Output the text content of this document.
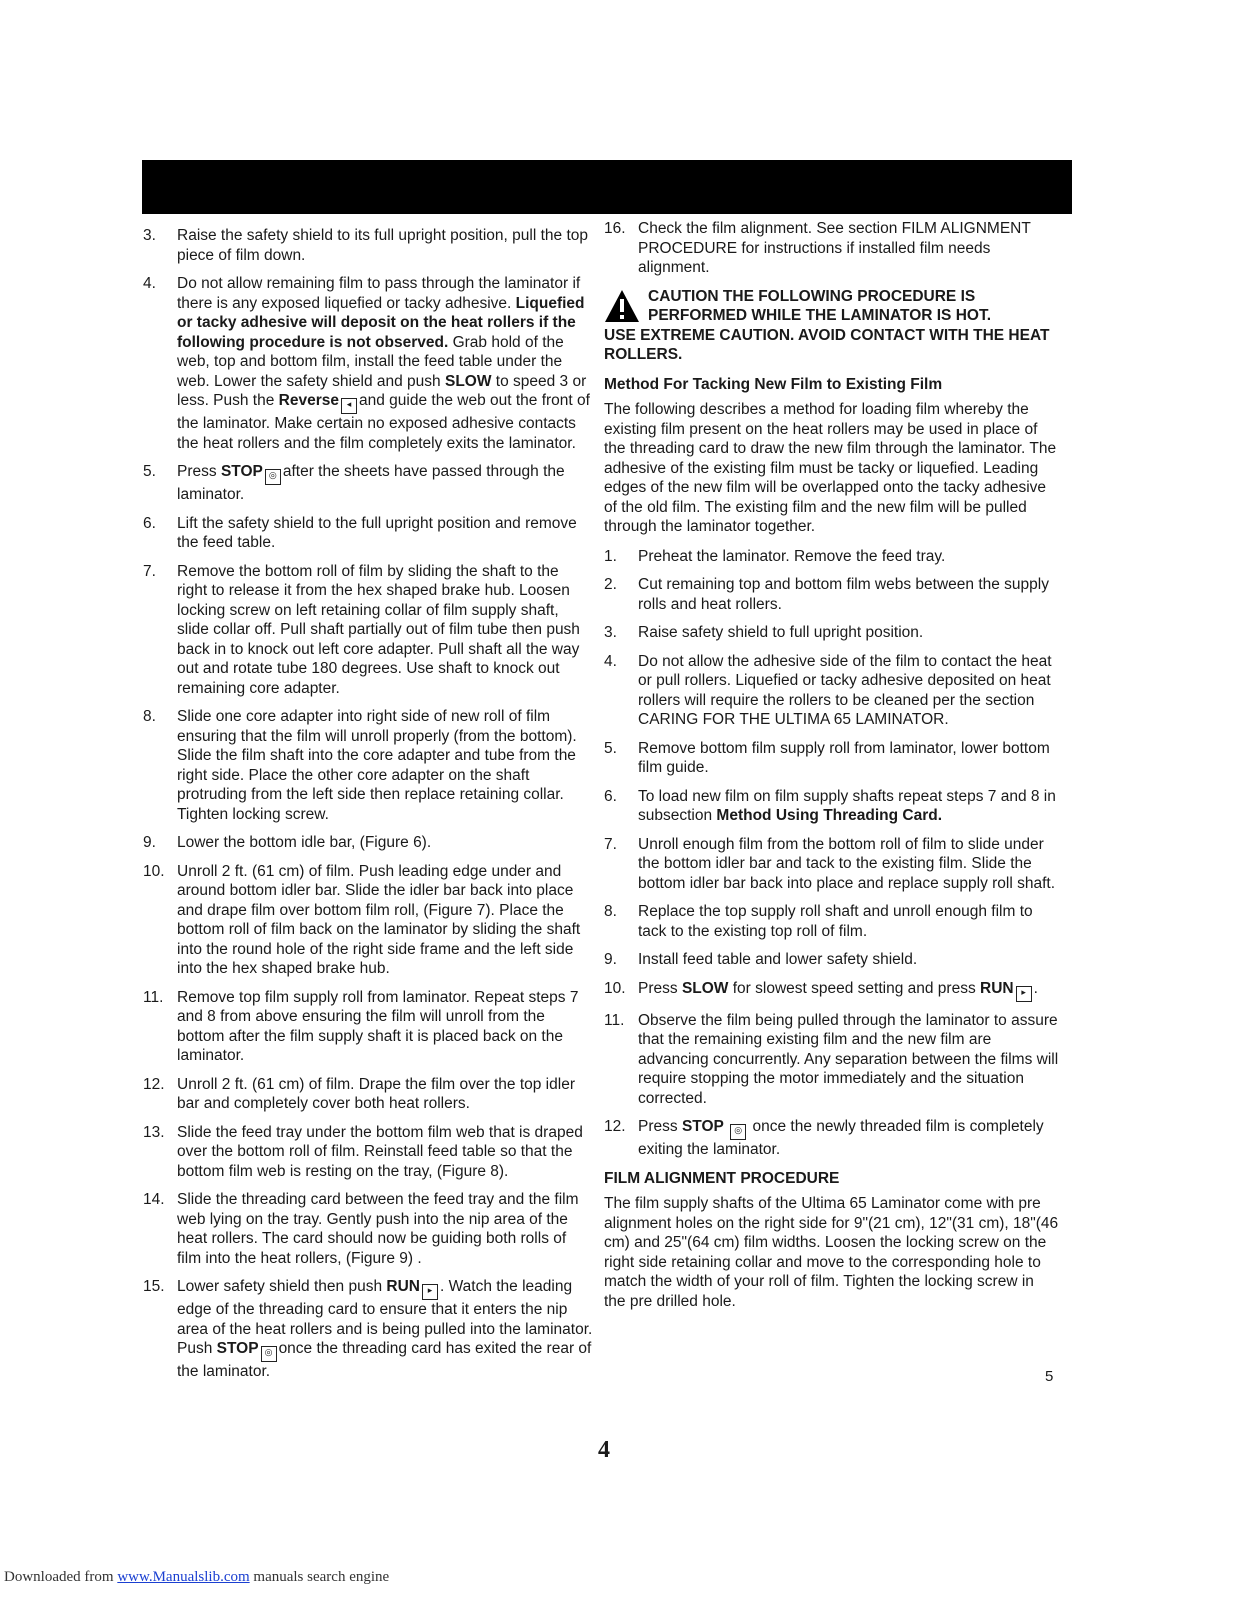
3.	Raise the safety shield to its full upright position, pull the top piece of film down.
4.	Do not allow remaining film to pass through the laminator if there is any exposed liquefied or tacky adhesive. Liquefied or tacky adhesive will deposit on the heat rollers if the following procedure is not observed. Grab hold of the web, top and bottom film, install the feed table under the web. Lower the safety shield and push SLOW to speed 3 or less. Push the Reverse ◂ and guide the web out the front of the laminator. Make certain no exposed adhesive contacts the heat rollers and the film completely exits the laminator.
5.	Press STOP ◎ after the sheets have passed through the laminator.
6.	Lift the safety shield to the full upright position and remove the feed table.
7.	Remove the bottom roll of film by sliding the shaft to the right to release it from the hex shaped brake hub. Loosen locking screw on left retaining collar of film supply shaft, slide collar off. Pull shaft partially out of film tube then push back in to knock out left core adapter. Pull shaft all the way out and rotate tube 180 degrees. Use shaft to knock out remaining core adapter.
8.	Slide one core adapter into right side of new roll of film ensuring that the film will unroll properly (from the bottom). Slide the film shaft into the core adapter and tube from the right side. Place the other core adapter on the shaft protruding from the left side then replace retaining collar. Tighten locking screw.
9.	Lower the bottom idle bar, (Figure 6).
10. Unroll 2 ft. (61 cm) of film. Push leading edge under and around bottom idler bar. Slide the idler bar back into place and drape film over bottom film roll, (Figure 7). Place the bottom roll of film back on the laminator by sliding the shaft into the round hole of the right side frame and the left side into the hex shaped brake hub.
11. Remove top film supply roll from laminator. Repeat steps 7 and 8 from above ensuring the film will unroll from the bottom after the film supply shaft it is placed back on the laminator.
12. Unroll 2 ft. (61 cm) of film. Drape the film over the top idler bar and completely cover both heat rollers.
13. Slide the feed tray under the bottom film web that is draped over the bottom roll of film. Reinstall feed table so that the bottom film web is resting on the tray, (Figure 8).
14. Slide the threading card between the feed tray and the film web lying on the tray. Gently push into the nip area of the heat rollers. The card should now be guiding both rolls of film into the heat rollers, (Figure 9) .
15. Lower safety shield then push RUN ▸ . Watch the leading edge of the threading card to ensure that it enters the nip area of the heat rollers and is being pulled into the laminator. Push STOP ◎ once the threading card has exited the rear of the laminator.
16. Check the film alignment. See section FILM ALIGNMENT PROCEDURE for instructions if installed film needs alignment.
CAUTION THE FOLLOWING PROCEDURE IS
PERFORMED WHILE THE LAMINATOR IS HOT.
USE EXTREME CAUTION. AVOID CONTACT WITH THE HEAT ROLLERS.
Method For Tacking New Film to Existing Film

The following describes a method for loading film whereby the existing film present on the heat rollers may be used in place of the threading card to draw the new film through the laminator. The adhesive of the existing film must be tacky or liquefied. Leading edges of the new film will be overlapped onto the tacky adhesive of the old film. The existing film and the new film will be pulled through the laminator together.

1.	Preheat the laminator. Remove the feed tray.
2.	Cut remaining top and bottom film webs between the supply rolls and heat rollers.
3.	Raise safety shield to full upright position.
4.	Do not allow the adhesive side of the film to contact the heat or pull rollers. Liquefied or tacky adhesive deposited on heat rollers will require the rollers to be cleaned per the section CARING FOR THE ULTIMA 65 LAMINATOR.
5.	Remove bottom film supply roll from laminator, lower bottom film guide.
6.	To load new film on film supply shafts repeat steps 7 and 8 in subsection Method Using Threading Card.
7.	Unroll enough film from the bottom roll of film to slide under the bottom idler bar and tack to the existing film. Slide the bottom idler bar back into place and replace supply roll shaft.
8.	Replace the top supply roll shaft and unroll enough film to tack to the existing top roll of film.
9.	Install feed table and lower safety shield.
10. Press SLOW for slowest speed setting and press RUN ▸ .
11. Observe the film being pulled through the laminator to assure that the remaining existing film and the new film are advancing concurrently. Any separation between the films will require stopping the motor immediately and the situation corrected.
12. Press STOP ◎ once the newly threaded film is completely exiting the laminator.
FILM ALIGNMENT PROCEDURE

The film supply shafts of the Ultima 65 Laminator come with pre alignment holes on the right side for 9"(21 cm), 12"(31 cm), 18"(46 cm) and 25"(64 cm) film widths. Loosen the locking screw on the right side retaining collar and move to the corresponding hole to match the width of your roll of film. Tighten the locking screw in the pre drilled hole.

5
4
Downloaded from www.Manualslib.com manuals search engine
